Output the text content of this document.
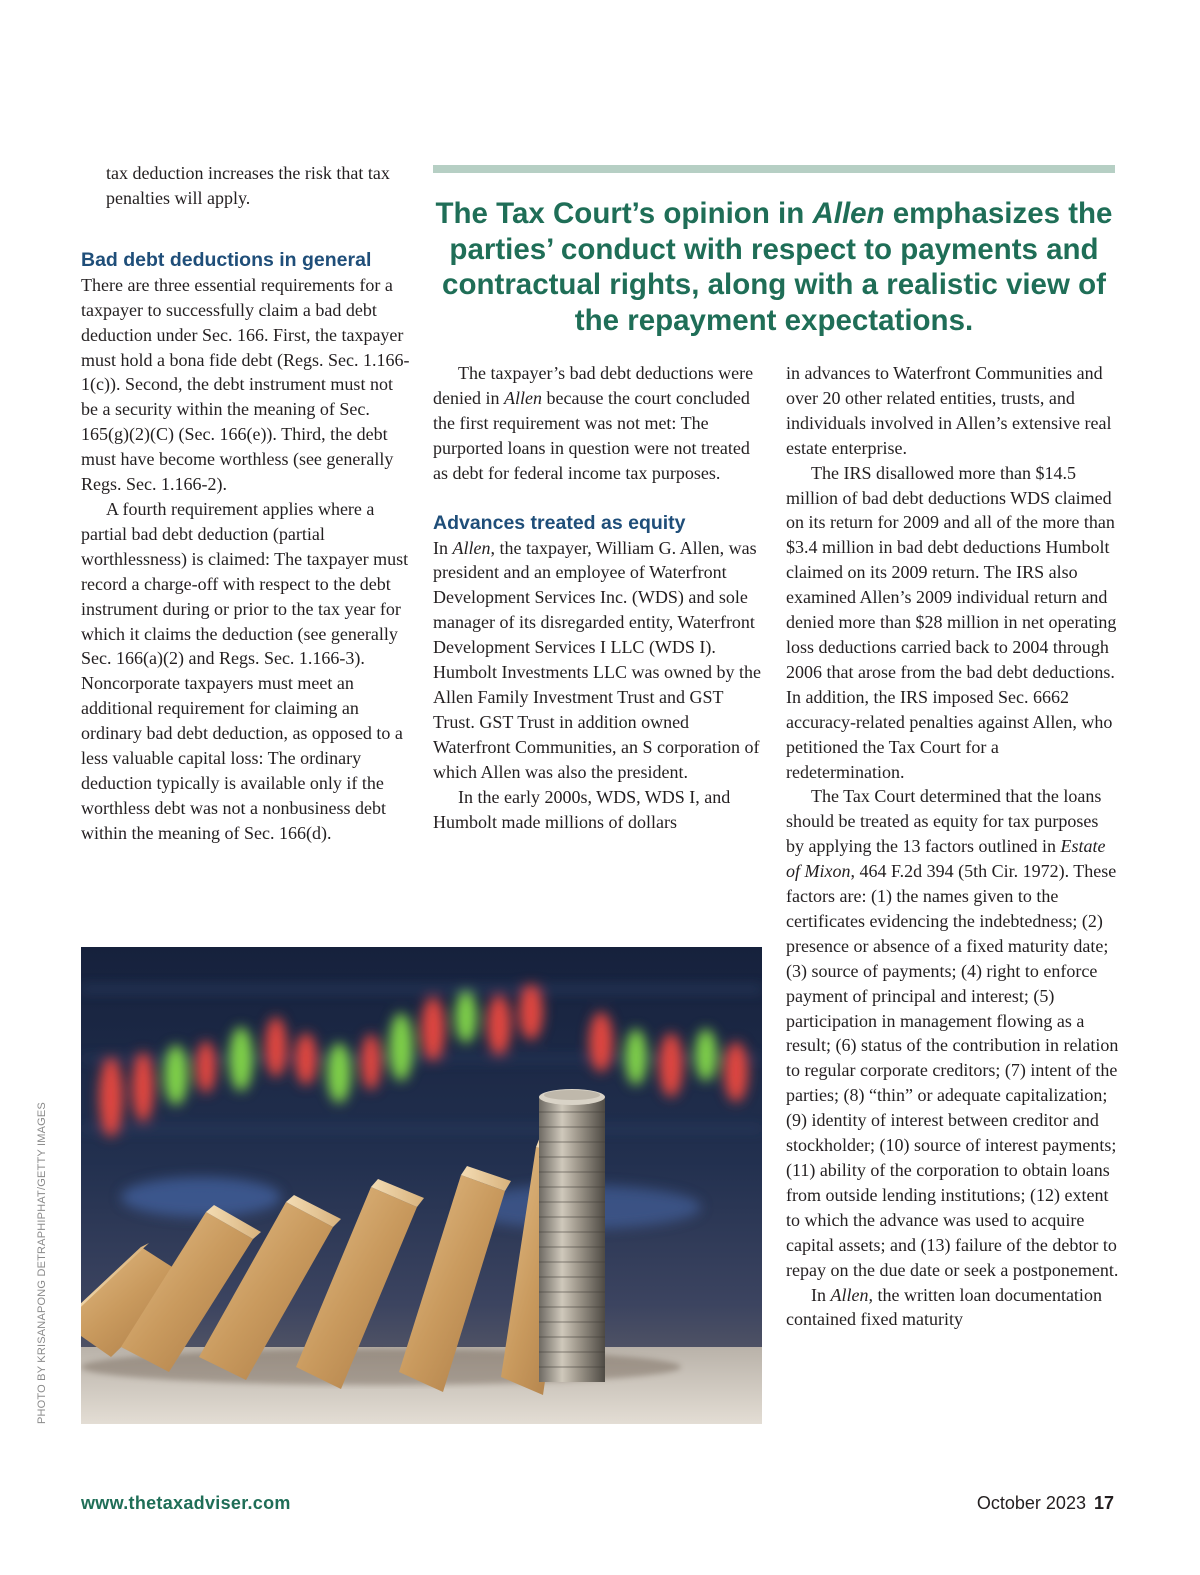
tax deduction increases the risk that tax penalties will apply.

Bad debt deductions in general

There are three essential requirements for a taxpayer to successfully claim a bad debt deduction under Sec. 166. First, the taxpayer must hold a bona fide debt (Regs. Sec. 1.166-1(c)). Second, the debt instrument must not be a security within the meaning of Sec. 165(g)(2)(C) (Sec. 166(e)). Third, the debt must have become worthless (see generally Regs. Sec. 1.166-2).

A fourth requirement applies where a partial bad debt deduction (partial worthlessness) is claimed: The taxpayer must record a charge-off with respect to the debt instrument during or prior to the tax year for which it claims the deduction (see generally Sec. 166(a)(2) and Regs. Sec. 1.166-3). Noncorporate taxpayers must meet an additional requirement for claiming an ordinary bad debt deduction, as opposed to a less valuable capital loss: The ordinary deduction typically is available only if the worthless debt was not a nonbusiness debt within the meaning of Sec. 166(d).

The Tax Court’s opinion in Allen emphasizes the parties’ conduct with respect to payments and contractual rights, along with a realistic view of the repayment expectations.

The taxpayer’s bad debt deductions were denied in Allen because the court concluded the first requirement was not met: The purported loans in question were not treated as debt for federal income tax purposes.

Advances treated as equity

In Allen, the taxpayer, William G. Allen, was president and an employee of Waterfront Development Services Inc. (WDS) and sole manager of its disregarded entity, Waterfront Development Services I LLC (WDS I). Humbolt Investments LLC was owned by the Allen Family Investment Trust and GST Trust. GST Trust in addition owned Waterfront Communities, an S corporation of which Allen was also the president.

In the early 2000s, WDS, WDS I, and Humbolt made millions of dollars

in advances to Waterfront Communities and over 20 other related entities, trusts, and individuals involved in Allen’s extensive real estate enterprise.

The IRS disallowed more than $14.5 million of bad debt deductions WDS claimed on its return for 2009 and all of the more than $3.4 million in bad debt deductions Humbolt claimed on its 2009 return. The IRS also examined Allen’s 2009 individual return and denied more than $28 million in net operating loss deductions carried back to 2004 through 2006 that arose from the bad debt deductions. In addition, the IRS imposed Sec. 6662 accuracy-related penalties against Allen, who petitioned the Tax Court for a redetermination.

The Tax Court determined that the loans should be treated as equity for tax purposes by applying the 13 factors outlined in Estate of Mixon, 464 F.2d 394 (5th Cir. 1972). These factors are: (1) the names given to the certificates evidencing the indebtedness; (2) presence or absence of a fixed maturity date; (3) source of payments; (4) right to enforce payment of principal and interest; (5) participation in management flowing as a result; (6) status of the contribution in relation to regular corporate creditors; (7) intent of the parties; (8) “thin” or adequate capitalization; (9) identity of interest between creditor and stockholder; (10) source of interest payments; (11) ability of the corporation to obtain loans from outside lending institutions; (12) extent to which the advance was used to acquire capital assets; and (13) failure of the debtor to repay on the due date or seek a postponement.

In Allen, the written loan documentation contained fixed maturity

PHOTO BY KRISANAPONG DETRAPHIPHAT/GETTY IMAGES
www.thetaxadviser.com	October 2023 17
